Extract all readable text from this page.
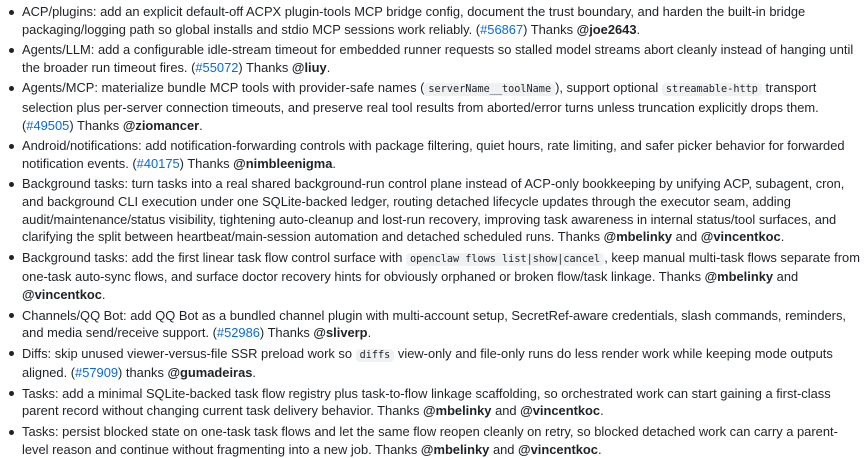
ACP/plugins: add an explicit default-off ACPX plugin-tools MCP bridge config, document the trust boundary, and harden the built-in bridge packaging/logging path so global installs and stdio MCP sessions work reliably. (#56867) Thanks @joe2643.
Agents/LLM: add a configurable idle-stream timeout for embedded runner requests so stalled model streams abort cleanly instead of hanging until the broader run timeout fires. (#55072) Thanks @liuy.
Agents/MCP: materialize bundle MCP tools with provider-safe names ( serverName__toolName ), support optional streamable-http transport selection plus per-server connection timeouts, and preserve real tool results from aborted/error turns unless truncation explicitly drops them. (#49505) Thanks @ziomancer.
Android/notifications: add notification-forwarding controls with package filtering, quiet hours, rate limiting, and safer picker behavior for forwarded notification events. (#40175) Thanks @nimbleenigma.
Background tasks: turn tasks into a real shared background-run control plane instead of ACP-only bookkeeping by unifying ACP, subagent, cron, and background CLI execution under one SQLite-backed ledger, routing detached lifecycle updates through the executor seam, adding audit/maintenance/status visibility, tightening auto-cleanup and lost-run recovery, improving task awareness in internal status/tool surfaces, and clarifying the split between heartbeat/main-session automation and detached scheduled runs. Thanks @mbelinky and @vincentkoc.
Background tasks: add the first linear task flow control surface with openclaw flows list|show|cancel , keep manual multi-task flows separate from one-task auto-sync flows, and surface doctor recovery hints for obviously orphaned or broken flow/task linkage. Thanks @mbelinky and @vincentkoc.
Channels/QQ Bot: add QQ Bot as a bundled channel plugin with multi-account setup, SecretRef-aware credentials, slash commands, reminders, and media send/receive support. (#52986) Thanks @sliverp.
Diffs: skip unused viewer-versus-file SSR preload work so diffs view-only and file-only runs do less render work while keeping mode outputs aligned. (#57909) thanks @gumadeiras.
Tasks: add a minimal SQLite-backed task flow registry plus task-to-flow linkage scaffolding, so orchestrated work can start gaining a first-class parent record without changing current task delivery behavior. Thanks @mbelinky and @vincentkoc.
Tasks: persist blocked state on one-task task flows and let the same flow reopen cleanly on retry, so blocked detached work can carry a parent-level reason and continue without fragmenting into a new job. Thanks @mbelinky and @vincentkoc.
